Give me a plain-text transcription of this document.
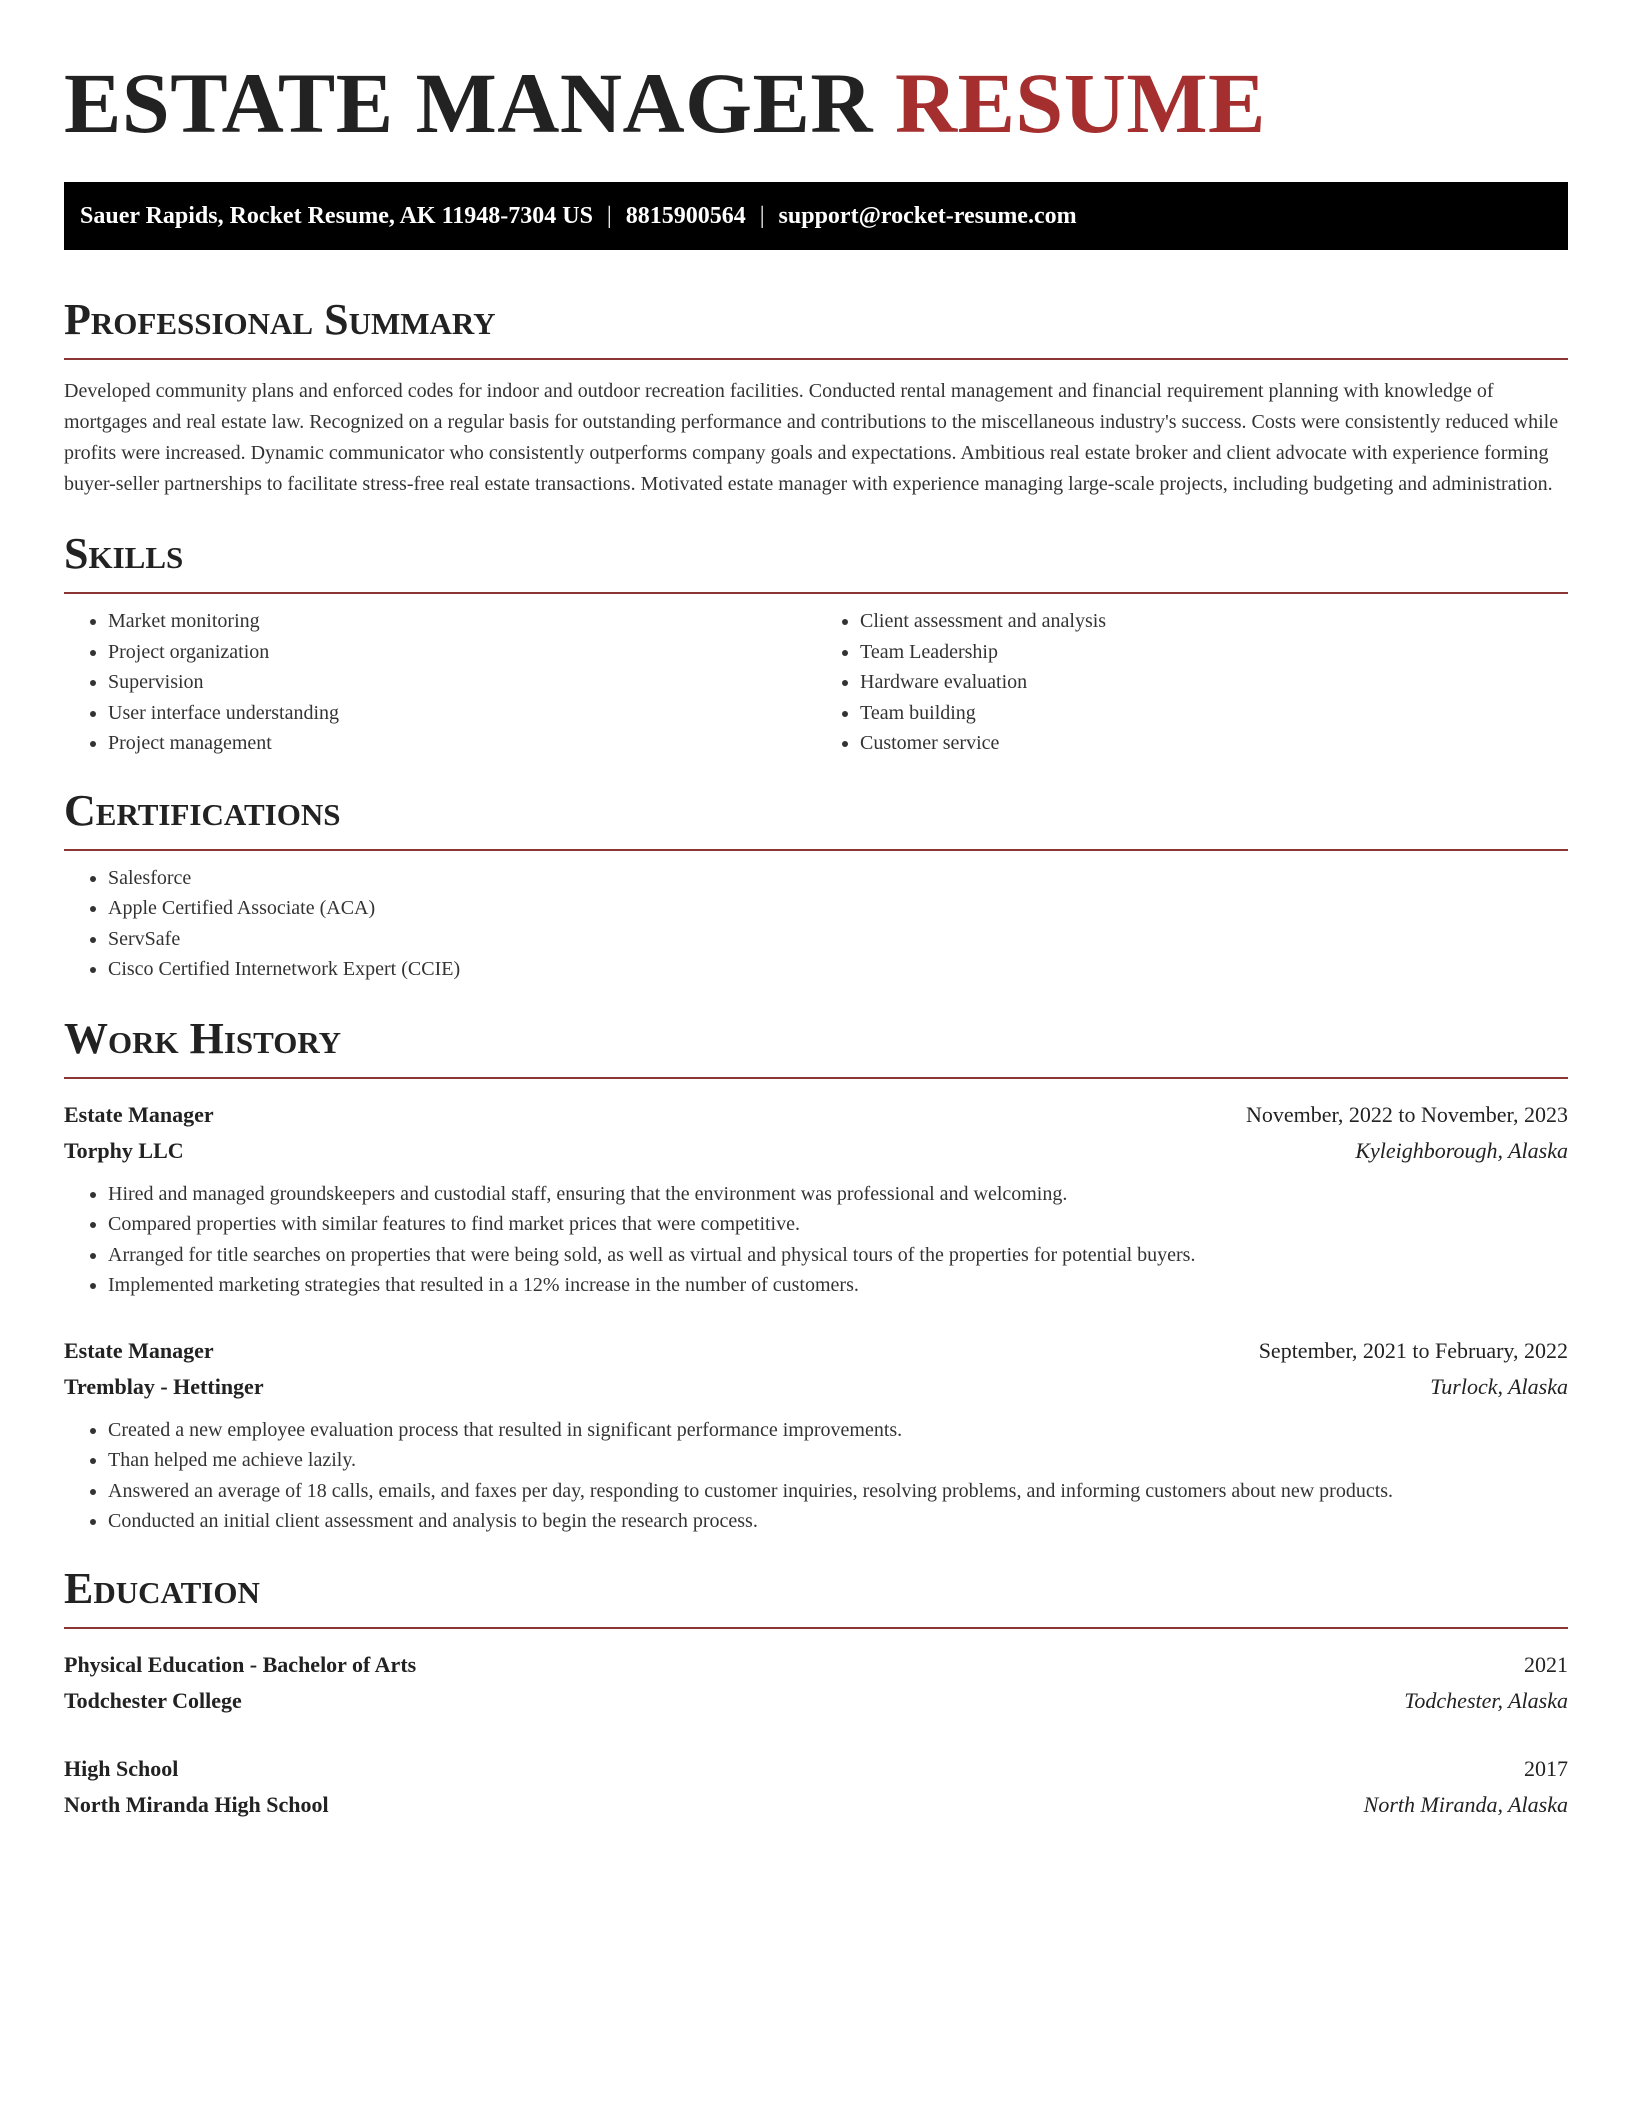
ESTATE MANAGER RESUME
Sauer Rapids, Rocket Resume, AK 11948-7304 US | 8815900564 | support@rocket-resume.com
Professional Summary

Developed community plans and enforced codes for indoor and outdoor recreation facilities. Conducted rental management and financial requirement planning with knowledge of mortgages and real estate law. Recognized on a regular basis for outstanding performance and contributions to the miscellaneous industry's success. Costs were consistently reduced while profits were increased. Dynamic communicator who consistently outperforms company goals and expectations. Ambitious real estate broker and client advocate with experience forming buyer-seller partnerships to facilitate stress-free real estate transactions. Motivated estate manager with experience managing large-scale projects, including budgeting and administration.

Skills
• Market monitoring
• Project organization
• Supervision
• User interface understanding
• Project management
• Client assessment and analysis
• Team Leadership
• Hardware evaluation
• Team building
• Customer service
Certifications
• Salesforce
• Apple Certified Associate (ACA)
• ServSafe
• Cisco Certified Internetwork Expert (CCIE)
Work History
Estate Manager	November, 2022 to November, 2023
Torphy LLC	Kyleighborough, Alaska
• Hired and managed groundskeepers and custodial staff, ensuring that the environment was professional and welcoming.
• Compared properties with similar features to find market prices that were competitive.
• Arranged for title searches on properties that were being sold, as well as virtual and physical tours of the properties for potential buyers.
• Implemented marketing strategies that resulted in a 12% increase in the number of customers.
Estate Manager	September, 2021 to February, 2022
Tremblay - Hettinger	Turlock, Alaska
• Created a new employee evaluation process that resulted in significant performance improvements.
• Than helped me achieve lazily.
• Answered an average of 18 calls, emails, and faxes per day, responding to customer inquiries, resolving problems, and informing customers about new products.
• Conducted an initial client assessment and analysis to begin the research process.
Education
Physical Education - Bachelor of Arts	2021
Todchester College	Todchester, Alaska
High School	2017
North Miranda High School	North Miranda, Alaska
